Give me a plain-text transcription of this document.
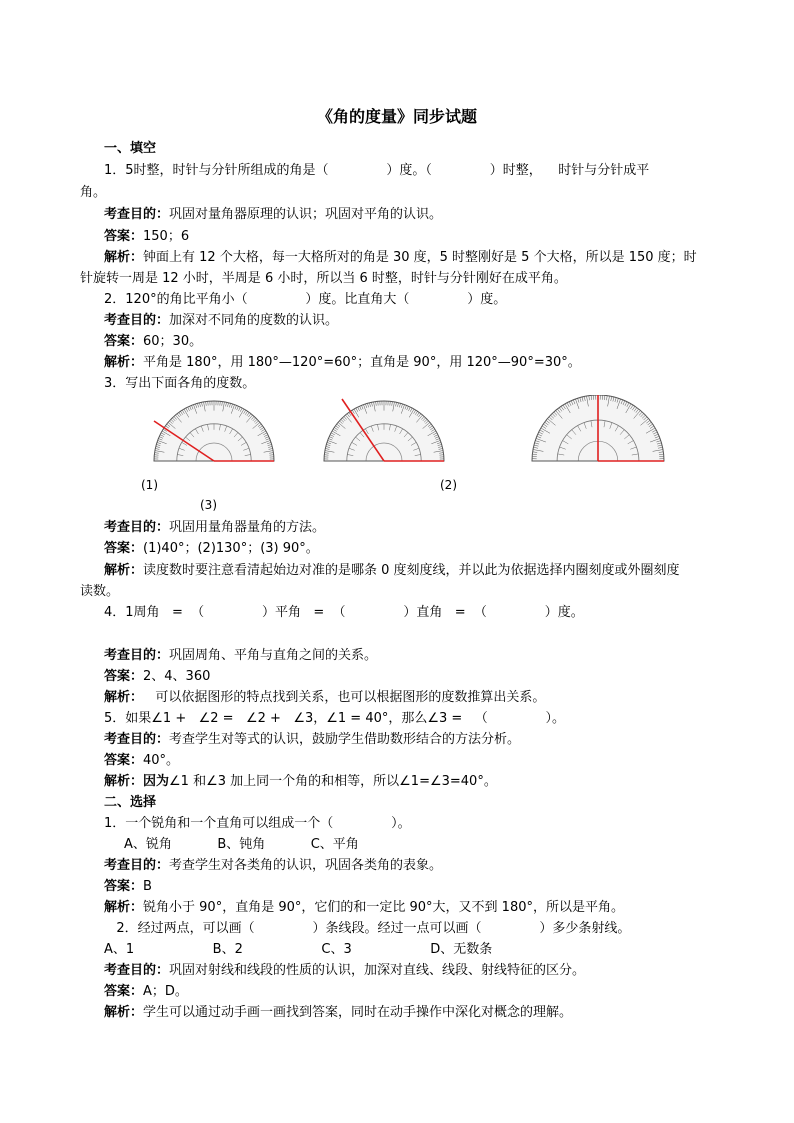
《角的度量》同步试题
一、填空
1．5时整，时针与分针所组成的角是（              ）度。（              ）时整，    时针与分针成平
角。
考查目的：巩固对量角器原理的认识；巩固对平角的认识。
答案：150；6
解析：钟面上有 12 个大格，每一大格所对的角是 30 度，5 时整刚好是 5 个大格，所以是 150 度；时
针旋转一周是 12 小时，半周是 6 小时，所以当 6 时整，时针与分针刚好在成平角。
2．120°的角比平角小（              ）度。比直角大（              ）度。
考查目的：加深对不同角的度数的认识。
答案：60；30。
解析：平角是 180°，用 180°—120°=60°；直角是 90°，用 120°—90°=30°。
3．写出下面各角的度数。
(1)	(2)
(3)
考查目的：巩固用量角器量角的方法。
答案：(1)40°；(2)130°；(3) 90°。
解析：读度数时要注意看清起始边对准的是哪条 0 度刻度线，并以此为依据选择内圈刻度或外圈刻度
读数。
4．1周角   =  （              ）平角   =  （              ）直角   =  （              ）度。
考查目的：巩固周角、平角与直角之间的关系。
答案：2、4、360
解析：   可以依据图形的特点找到关系，也可以根据图形的度数推算出关系。
5．如果∠1 +   ∠2 =   ∠2 +   ∠3，∠1 = 40°，那么∠3 =   （              ）。
考查目的：考查学生对等式的认识，鼓励学生借助数形结合的方法分析。
答案：40°。
解析：因为∠1 和∠3 加上同一个角的和相等，所以∠1=∠3=40°。
二、选择
1．一个锐角和一个直角可以组成一个（              ）。
A、锐角           B、钝角           C、平角
考查目的：考查学生对各类角的认识，巩固各类角的表象。
答案：B
解析：锐角小于 90°，直角是 90°，它们的和一定比 90°大，又不到 180°，所以是平角。
2．经过两点，可以画（              ）条线段。经过一点可以画（              ）多少条射线。
A、1                   B、2                   C、3                   D、无数条
考查目的：巩固对射线和线段的性质的认识，加深对直线、线段、射线特征的区分。
答案：A；D。
解析：学生可以通过动手画一画找到答案，同时在动手操作中深化对概念的理解。
